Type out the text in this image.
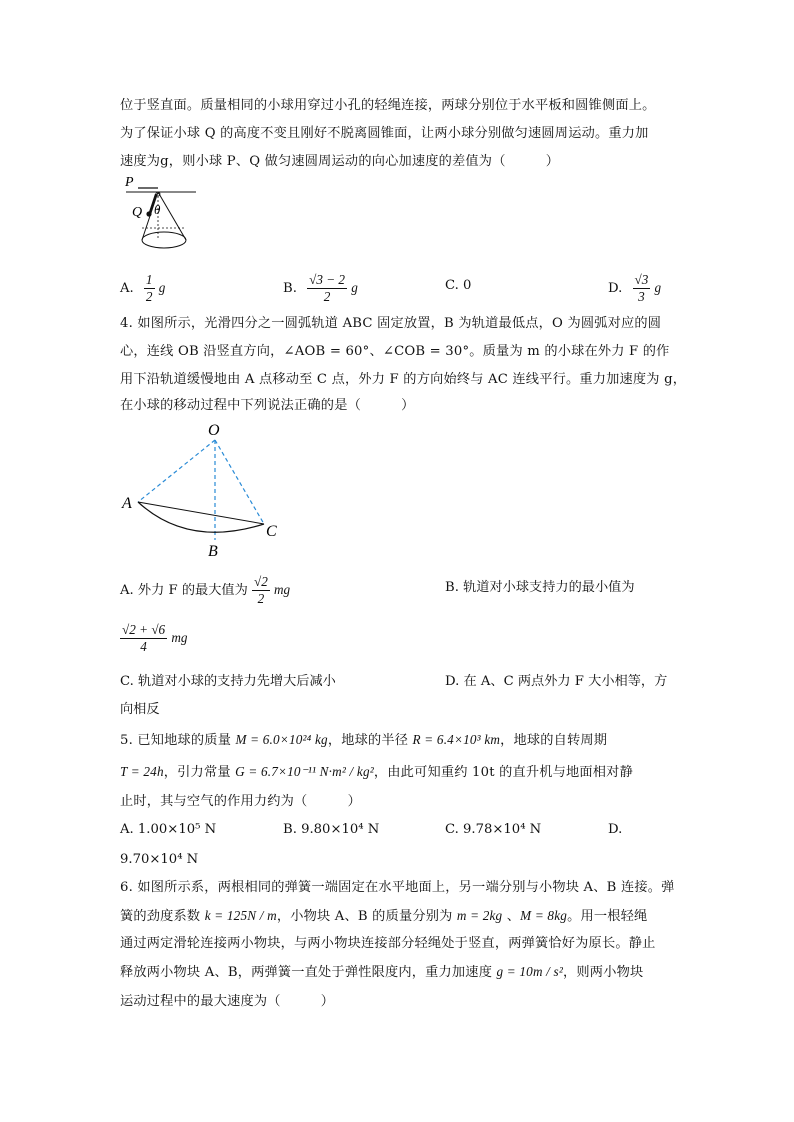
位于竖直面。质量相同的小球用穿过小孔的轻绳连接，两球分别位于水平板和圆锥侧面上。
为了保证小球 Q 的高度不变且刚好不脱离圆锥面，让两小球分别做匀速圆周运动。重力加
速度为g，则小球 P、Q 做匀速圆周运动的向心加速度的差值为（　　　）
P
Q θ
A. $\frac{1}{2}$ g	B. $\frac{√3 - 2}{2}$ g	C. 0	D. $\frac{√3}{3}$ g
4. 如图所示，光滑四分之一圆弧轨道 ABC 固定放置，B 为轨道最低点，O 为圆弧对应的圆
心，连线 OB 沿竖直方向，∠AOB = 60°、∠COB = 30°。质量为 m 的小球在外力 F 的作
用下沿轨道缓慢地由 A 点移动至 C 点，外力 F 的方向始终与 AC 连线平行。重力加速度为 g，
在小球的移动过程中下列说法正确的是（　　　）
O
A
B
C
A. 外力 F 的最大值为 $\frac{√2}{2}$ mg	B. 轨道对小球支持力的最小值为
$\frac{√2 + √6}{4}$ mg
C. 轨道对小球的支持力先增大后减小	D. 在 A、C 两点外力 F 大小相等，方
向相反
5. 已知地球的质量 M = 6.0×10²⁴ kg，地球的半径 R = 6.4×10³ km，地球的自转周期
T = 24h，引力常量 G = 6.7×10⁻¹¹ N·m² / kg²，由此可知重约 10t 的直升机与地面相对静
止时，其与空气的作用力约为（　　　）
A. 1.00×10⁵ N	B. 9.80×10⁴ N	C. 9.78×10⁴ N	D.
9.70×10⁴ N
6. 如图所示系，两根相同的弹簧一端固定在水平地面上，另一端分别与小物块 A、B 连接。弹
簧的劲度系数 k = 125N / m，小物块 A、B 的质量分别为 m = 2kg 、M = 8kg。用一根轻绳
通过两定滑轮连接两小物块，与两小物块连接部分轻绳处于竖直，两弹簧恰好为原长。静止
释放两小物块 A、B，两弹簧一直处于弹性限度内，重力加速度 g = 10m / s²，则两小物块
运动过程中的最大速度为（　　　）
